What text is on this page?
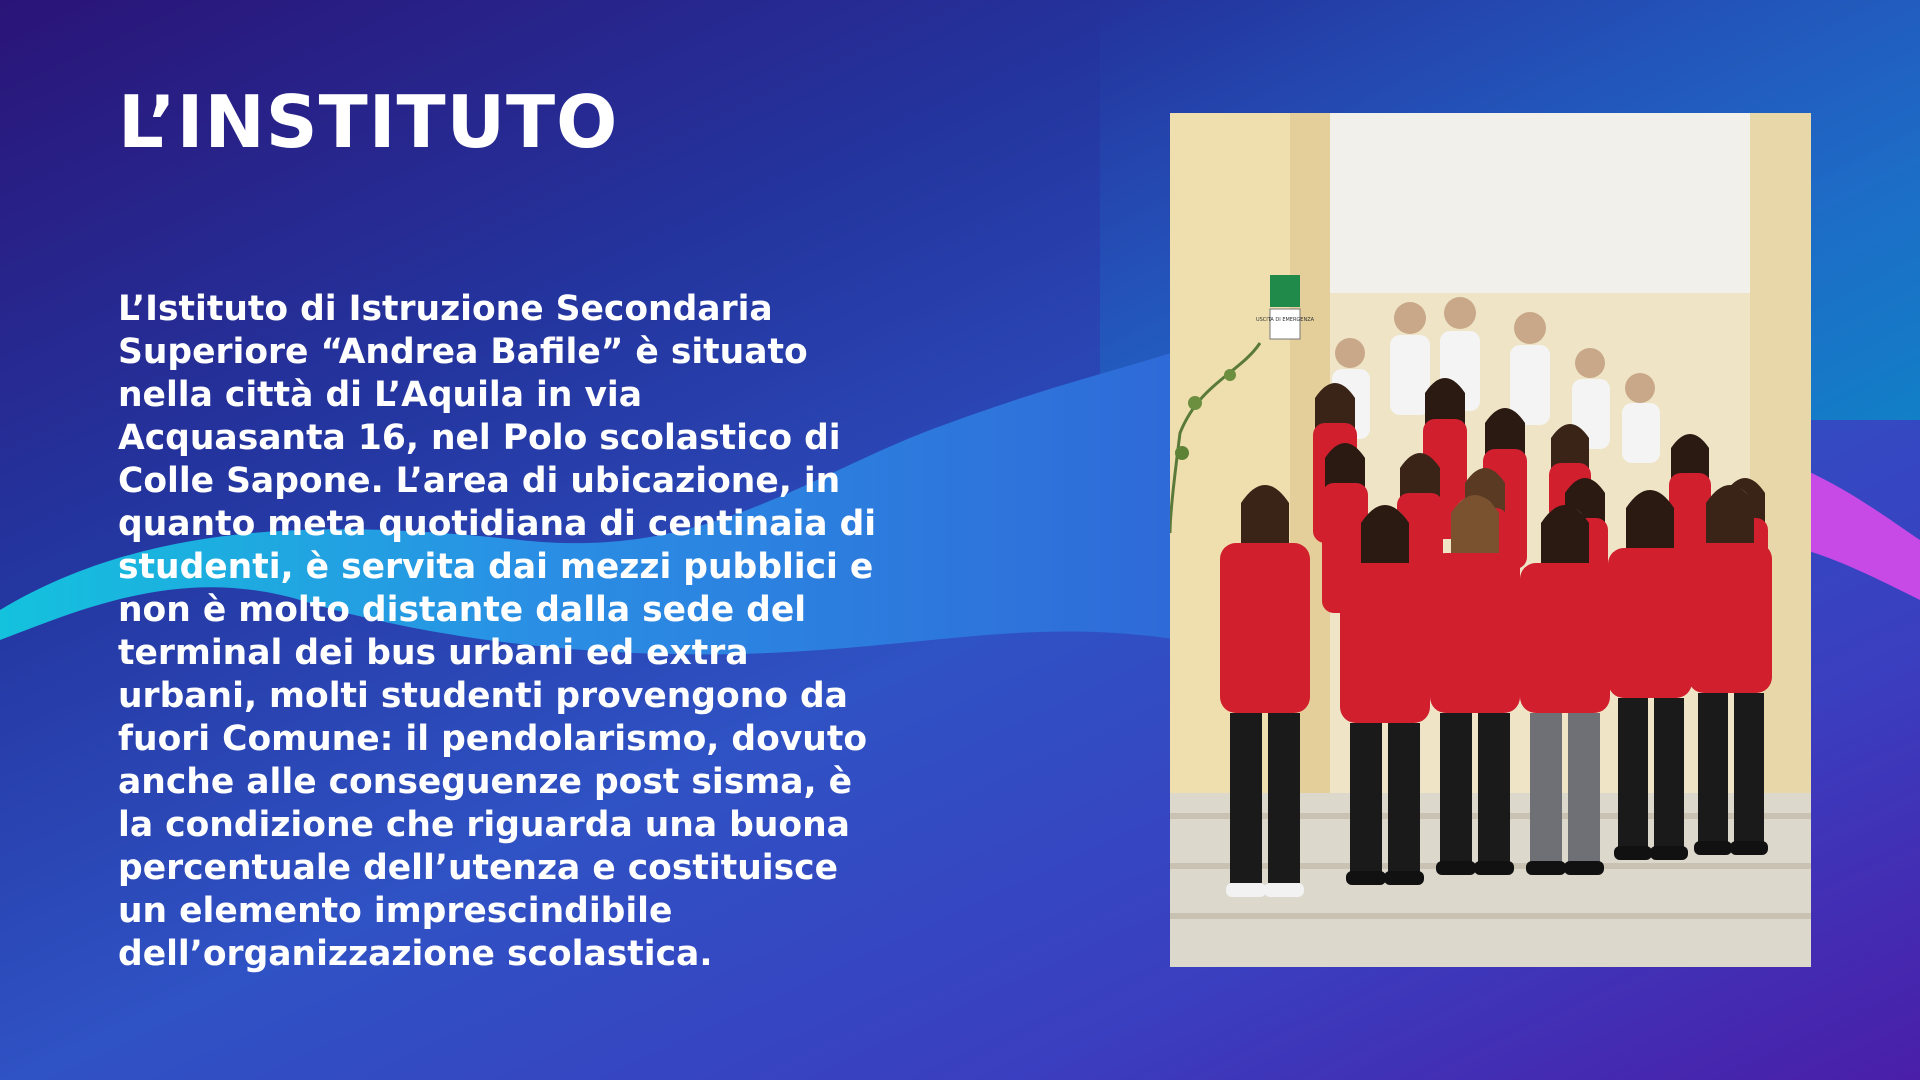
L’INSTITUTO

L’Istituto di Istruzione Secondaria Superiore “Andrea Bafile” è situato nella città di L’Aquila in via Acquasanta 16, nel Polo scolastico di Colle Sapone. L’area di ubicazione, in quanto meta quotidiana di centinaia di studenti, è servita dai mezzi pubblici e non è molto distante dalla sede del terminal dei bus urbani ed extra urbani, molti studenti provengono da fuori Comune: il pendolarismo, dovuto anche alle conseguenze post sisma, è la condizione che riguarda una buona percentuale dell’utenza e costituisce un elemento imprescindibile dell’organizzazione scolastica.

USCITA DI EMERGENZA
